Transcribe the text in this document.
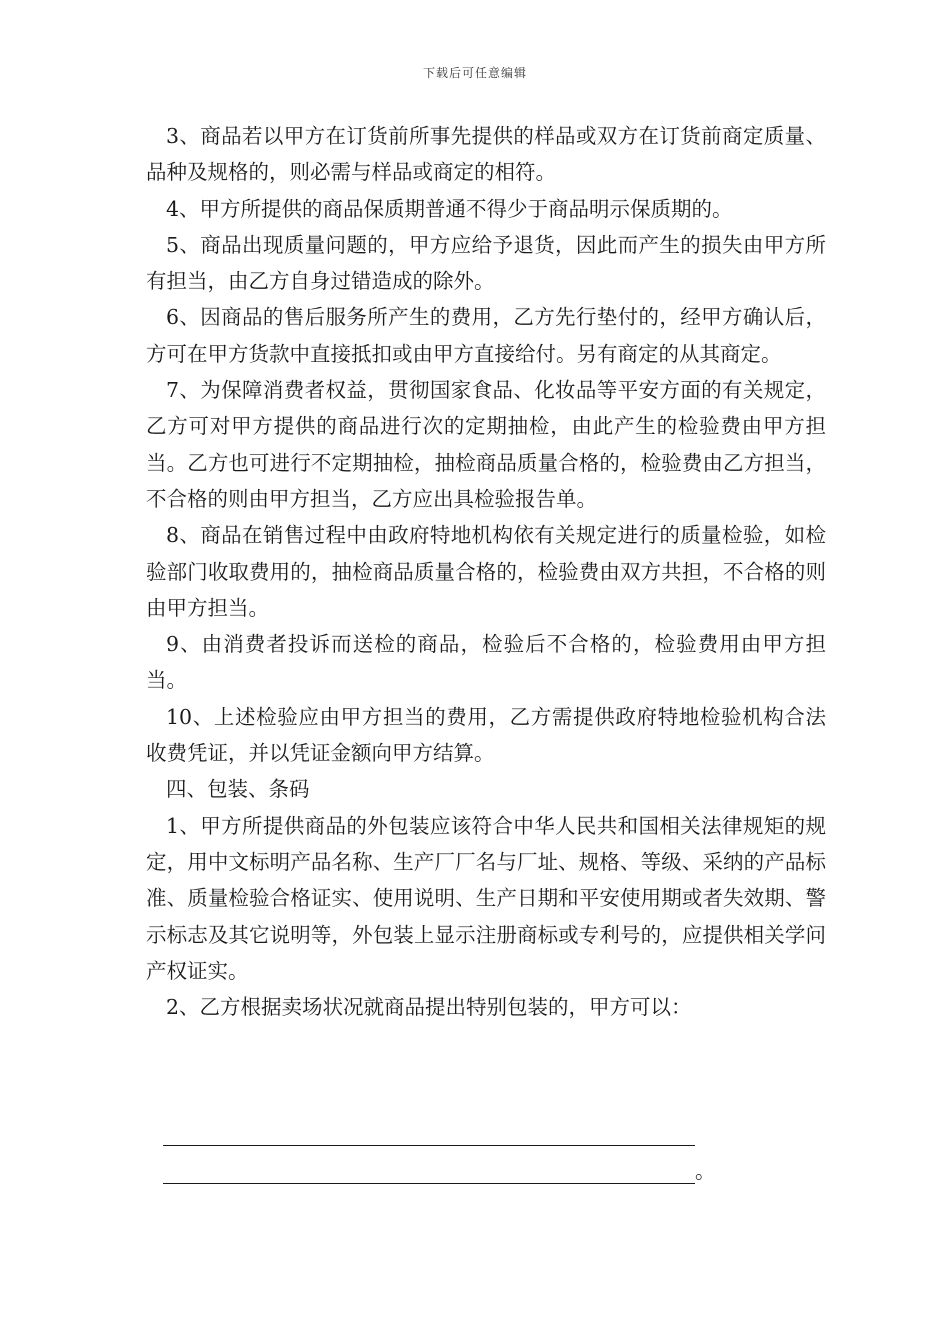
下载后可任意编辑

3、商品若以甲方在订货前所事先提供的样品或双方在订货前商定质量、品种及规格的，则必需与样品或商定的相符。

4、甲方所提供的商品保质期普通不得少于商品明示保质期的。

5、商品出现质量问题的，甲方应给予退货，因此而产生的损失由甲方所有担当，由乙方自身过错造成的除外。

6、因商品的售后服务所产生的费用，乙方先行垫付的，经甲方确认后，方可在甲方货款中直接抵扣或由甲方直接给付。另有商定的从其商定。

7、为保障消费者权益，贯彻国家食品、化妆品等平安方面的有关规定，乙方可对甲方提供的商品进行次的定期抽检，由此产生的检验费由甲方担当。乙方也可进行不定期抽检，抽检商品质量合格的，检验费由乙方担当，不合格的则由甲方担当，乙方应出具检验报告单。

8、商品在销售过程中由政府特地机构依有关规定进行的质量检验，如检验部门收取费用的，抽检商品质量合格的，检验费由双方共担，不合格的则由甲方担当。

9、由消费者投诉而送检的商品，检验后不合格的，检验费用由甲方担当。

10、上述检验应由甲方担当的费用，乙方需提供政府特地检验机构合法收费凭证，并以凭证金额向甲方结算。

四、包装、条码

1、甲方所提供商品的外包装应该符合中华人民共和国相关法律规矩的规定，用中文标明产品名称、生产厂厂名与厂址、规格、等级、采纳的产品标准、质量检验合格证实、使用说明、生产日期和平安使用期或者失效期、警示标志及其它说明等，外包装上显示注册商标或专利号的，应提供相关学问产权证实。

2、乙方根据卖场状况就商品提出特别包装的，甲方可以：

。
